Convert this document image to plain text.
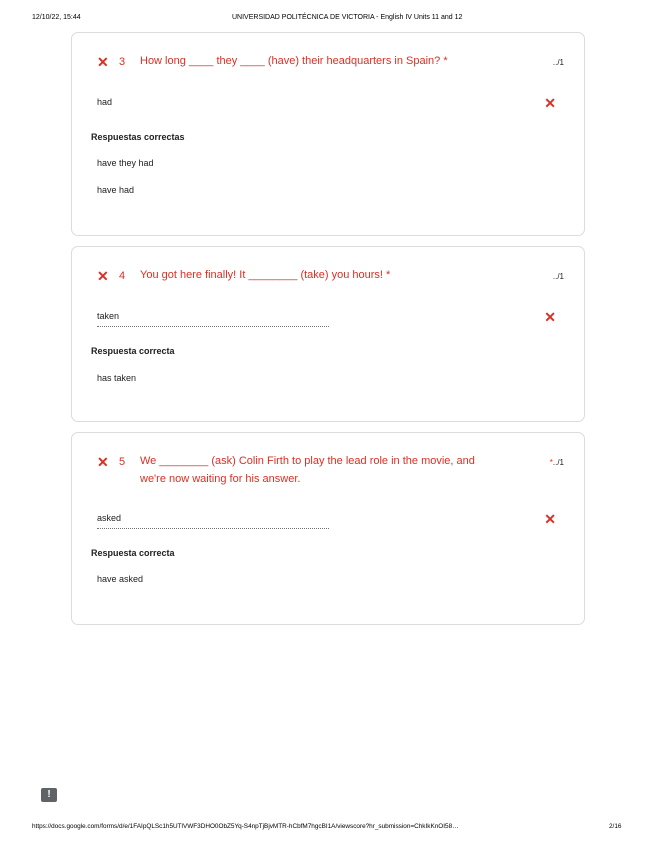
12/10/22, 15:44	UNIVERSIDAD POLITÉCNICA DE VICTORIA - English IV Units 11 and 12
✕ 3 How long ____ they ____ (have) their headquarters in Spain? *	../1
had	✕
Respuestas correctas
have they had
have had
✕ 4 You got here finally! It ________ (take) you hours! *	../1
taken	✕
Respuesta correcta
has taken
✕ 5 We ________ (ask) Colin Firth to play the lead role in the movie, and
we're now waiting for his answer.
*../1
asked	✕
Respuesta correcta
have asked
!
https://docs.google.com/forms/d/e/1FAIpQLSc1h5UTlVWF3DHO0ObZ5Yq-S4npTjBjvMTR-hCbfM7hgcBI1A/viewscore?hr_submission=ChkIkKnOI58…	2/16
